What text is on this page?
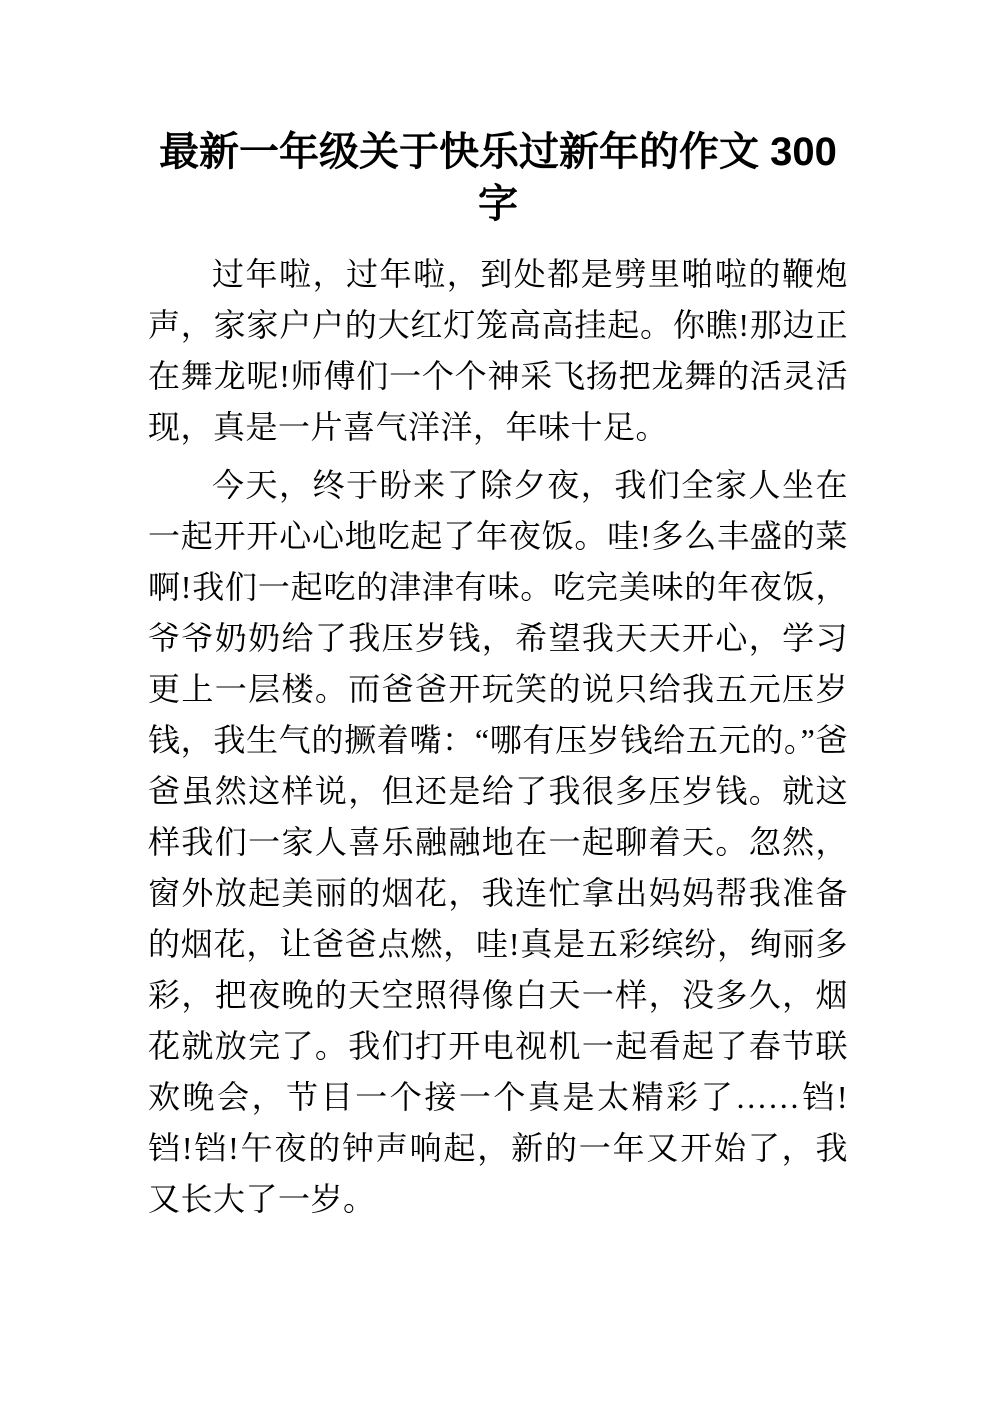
最新一年级关于快乐过新年的作文 300
字

过年啦，过年啦，到处都是劈里啪啦的鞭炮声，家家户户的大红灯笼高高挂起。你瞧!那边正在舞龙呢!师傅们一个个神采飞扬把龙舞的活灵活现，真是一片喜气洋洋，年味十足。

今天，终于盼来了除夕夜，我们全家人坐在一起开开心心地吃起了年夜饭。哇!多么丰盛的菜啊!我们一起吃的津津有味。吃完美味的年夜饭，爷爷奶奶给了我压岁钱，希望我天天开心，学习更上一层楼。而爸爸开玩笑的说只给我五元压岁钱，我生气的撅着嘴：“哪有压岁钱给五元的。”爸爸虽然这样说，但还是给了我很多压岁钱。就这样我们一家人喜乐融融地在一起聊着天。忽然，窗外放起美丽的烟花，我连忙拿出妈妈帮我准备的烟花，让爸爸点燃，哇!真是五彩缤纷，绚丽多彩，把夜晚的天空照得像白天一样，没多久，烟花就放完了。我们打开电视机一起看起了春节联欢晚会，节目一个接一个真是太精彩了……铛!铛!铛!午夜的钟声响起，新的一年又开始了，我又长大了一岁。
